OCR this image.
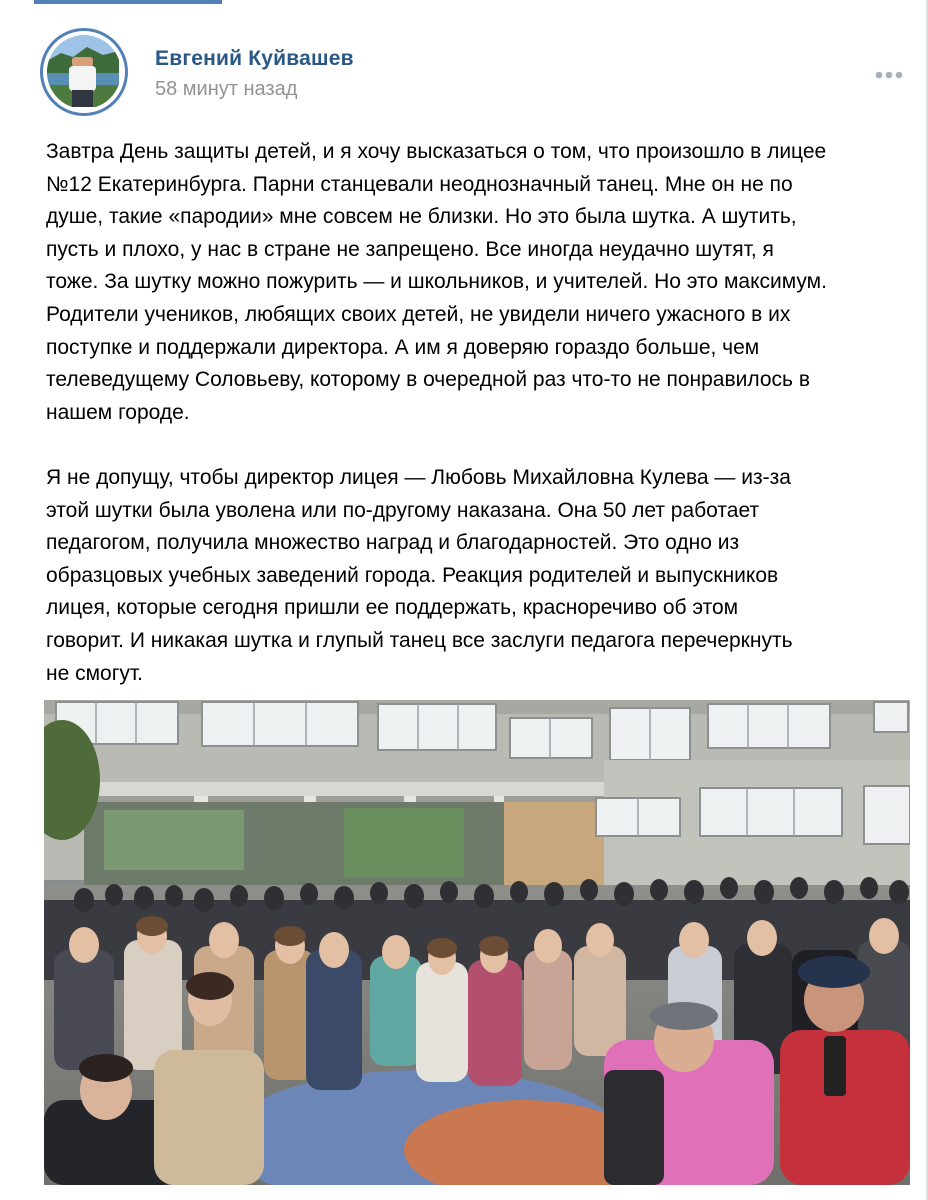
Евгений Куйвашев
58 минут назад

Завтра День защиты детей, и я хочу высказаться о том, что произошло в лицее
№12 Екатеринбурга. Парни станцевали неоднозначный танец. Мне он не по
душе, такие «пародии» мне совсем не близки. Но это была шутка. А шутить,
пусть и плохо, у нас в стране не запрещено. Все иногда неудачно шутят, я
тоже. За шутку можно пожурить — и школьников, и учителей. Но это максимум.
Родители учеников, любящих своих детей, не увидели ничего ужасного в их
поступке и поддержали директора. А им я доверяю гораздо больше, чем
телеведущему Соловьеву, которому в очередной раз что-то не понравилось в
нашем городе.

Я не допущу, чтобы директор лицея — Любовь Михайловна Кулева — из-за
этой шутки была уволена или по-другому наказана. Она 50 лет работает
педагогом, получила множество наград и благодарностей. Это одно из
образцовых учебных заведений города. Реакция родителей и выпускников
лицея, которые сегодня пришли ее поддержать, красноречиво об этом
говорит. И никакая шутка и глупый танец все заслуги педагога перечеркнуть
не смогут.
